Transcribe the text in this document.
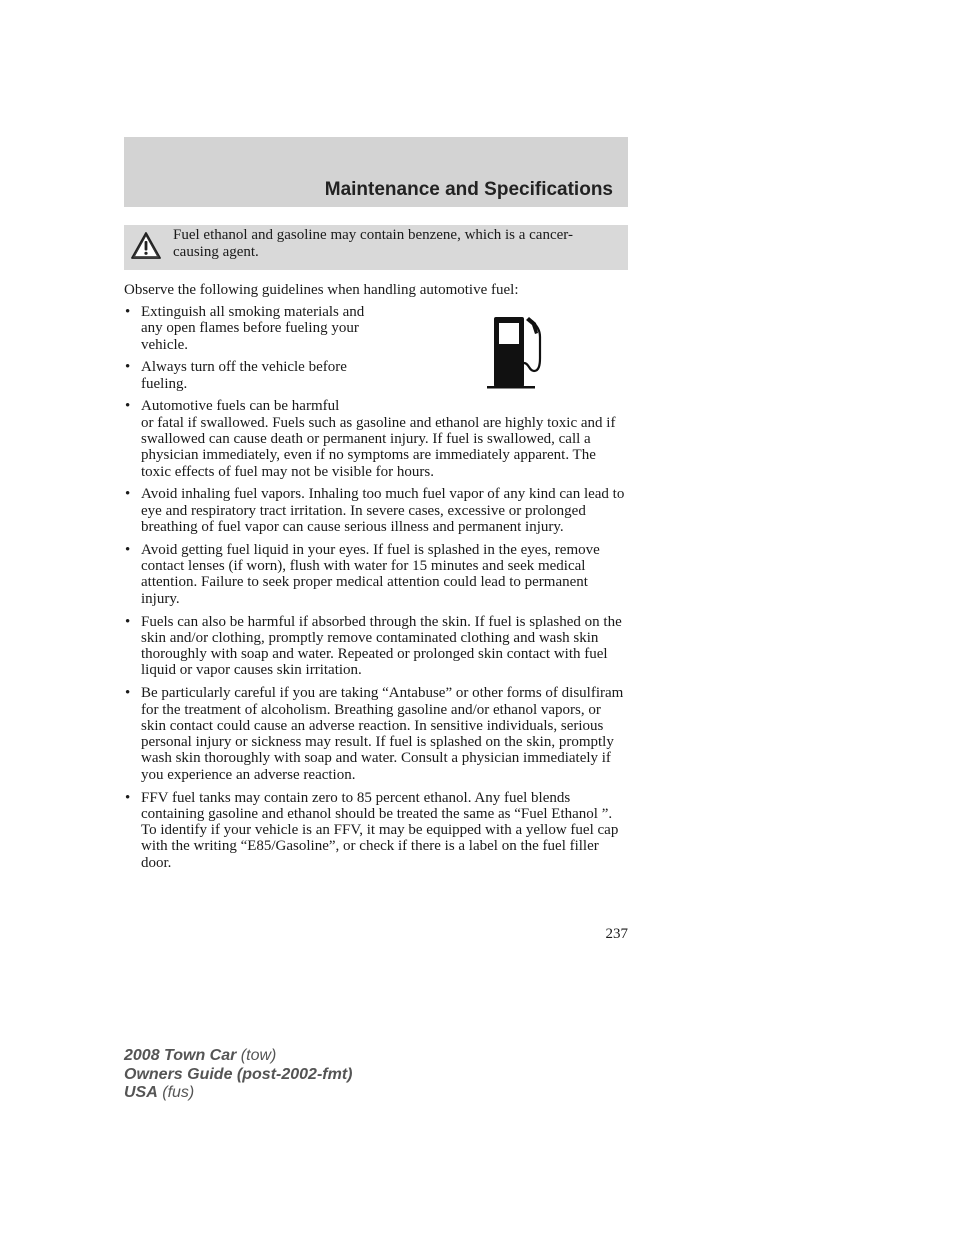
Maintenance and Specifications
Fuel ethanol and gasoline may contain benzene, which is a cancer-causing agent.
Observe the following guidelines when handling automotive fuel:
• Extinguish all smoking materials and any open flames before fueling your vehicle.
• Always turn off the vehicle before fueling.
• Automotive fuels can be harmful
or fatal if swallowed. Fuels such as gasoline and ethanol are highly toxic and if swallowed can cause death or permanent injury. If fuel is swallowed, call a physician immediately, even if no symptoms are immediately apparent. The toxic effects of fuel may not be visible for hours.
• Avoid inhaling fuel vapors. Inhaling too much fuel vapor of any kind can lead to eye and respiratory tract irritation. In severe cases, excessive or prolonged breathing of fuel vapor can cause serious illness and permanent injury.
• Avoid getting fuel liquid in your eyes. If fuel is splashed in the eyes, remove contact lenses (if worn), flush with water for 15 minutes and seek medical attention. Failure to seek proper medical attention could lead to permanent injury.
• Fuels can also be harmful if absorbed through the skin. If fuel is splashed on the skin and/or clothing, promptly remove contaminated clothing and wash skin thoroughly with soap and water. Repeated or prolonged skin contact with fuel liquid or vapor causes skin irritation.
• Be particularly careful if you are taking “Antabuse” or other forms of disulfiram for the treatment of alcoholism. Breathing gasoline and/or ethanol vapors, or skin contact could cause an adverse reaction. In sensitive individuals, serious personal injury or sickness may result. If fuel is splashed on the skin, promptly wash skin thoroughly with soap and water. Consult a physician immediately if you experience an adverse reaction.
• FFV fuel tanks may contain zero to 85 percent ethanol. Any fuel blends containing gasoline and ethanol should be treated the same as “Fuel Ethanol ”. To identify if your vehicle is an FFV, it may be equipped with a yellow fuel cap with the writing “E85/Gasoline”, or check if there is a label on the fuel filler door.
237
2008 Town Car (tow)
Owners Guide (post-2002-fmt)
USA (fus)
